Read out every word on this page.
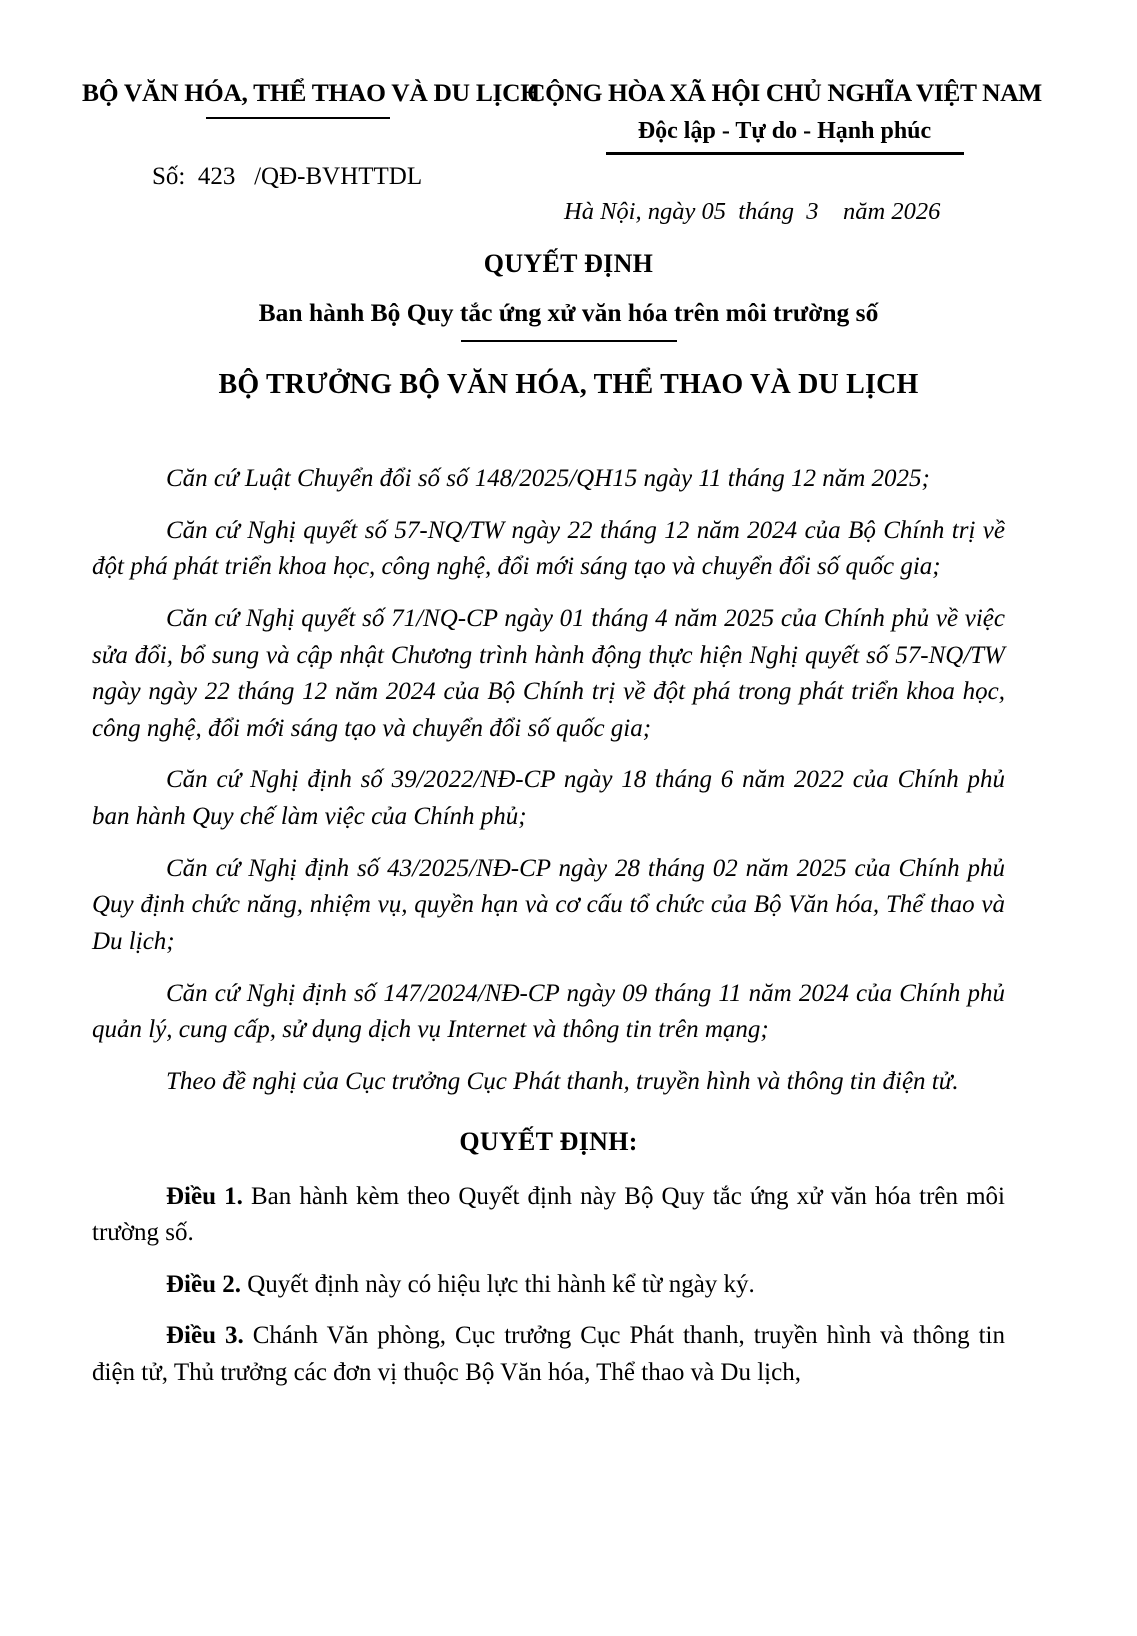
BỘ VĂN HÓA, THỂ THAO VÀ DU LỊCH
CỘNG HÒA XÃ HỘI CHỦ NGHĨA VIỆT NAM
Độc lập - Tự do - Hạnh phúc
Số:  423   /QĐ-BVHTTDL
Hà Nội, ngày 05  tháng  3    năm 2026
QUYẾT ĐỊNH
Ban hành Bộ Quy tắc ứng xử văn hóa trên môi trường số
BỘ TRƯỞNG BỘ VĂN HÓA, THỂ THAO VÀ DU LỊCH

Căn cứ Luật Chuyển đổi số số 148/2025/QH15 ngày 11 tháng 12 năm 2025;

Căn cứ Nghị quyết số 57-NQ/TW ngày 22 tháng 12 năm 2024 của Bộ Chính trị về đột phá phát triển khoa học, công nghệ, đổi mới sáng tạo và chuyển đổi số quốc gia;

Căn cứ Nghị quyết số 71/NQ-CP ngày 01 tháng 4 năm 2025 của Chính phủ về việc sửa đổi, bổ sung và cập nhật Chương trình hành động thực hiện Nghị quyết số 57-NQ/TW ngày ngày 22 tháng 12 năm 2024 của Bộ Chính trị về đột phá trong phát triển khoa học, công nghệ, đổi mới sáng tạo và chuyển đổi số quốc gia;

Căn cứ Nghị định số 39/2022/NĐ-CP ngày 18 tháng 6 năm 2022 của Chính phủ ban hành Quy chế làm việc của Chính phủ;

Căn cứ Nghị định số 43/2025/NĐ-CP ngày 28 tháng 02 năm 2025 của Chính phủ Quy định chức năng, nhiệm vụ, quyền hạn và cơ cấu tổ chức của Bộ Văn hóa, Thể thao và Du lịch;

Căn cứ Nghị định số 147/2024/NĐ-CP ngày 09 tháng 11 năm 2024 của Chính phủ quản lý, cung cấp, sử dụng dịch vụ Internet và thông tin trên mạng;

Theo đề nghị của Cục trưởng Cục Phát thanh, truyền hình và thông tin điện tử.

QUYẾT ĐỊNH:

Điều 1. Ban hành kèm theo Quyết định này Bộ Quy tắc ứng xử văn hóa trên môi trường số.

Điều 2. Quyết định này có hiệu lực thi hành kể từ ngày ký.

Điều 3. Chánh Văn phòng, Cục trưởng Cục Phát thanh, truyền hình và thông tin điện tử, Thủ trưởng các đơn vị thuộc Bộ Văn hóa, Thể thao và Du lịch,
